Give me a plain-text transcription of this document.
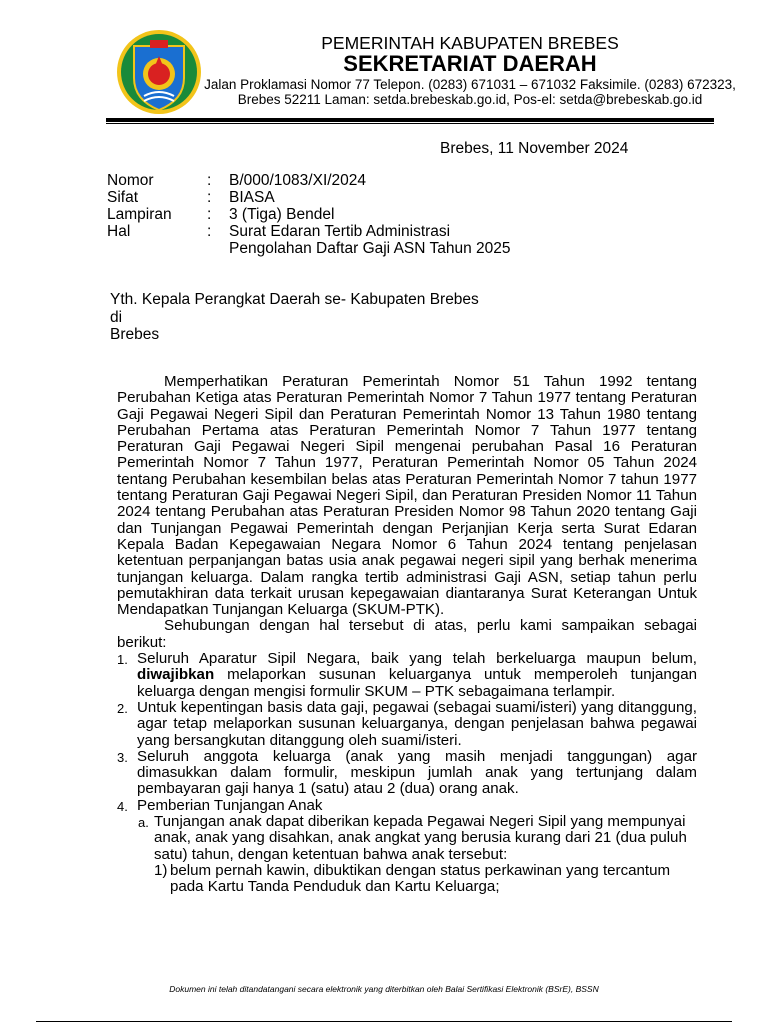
PEMERINTAH KABUPATEN BREBES
SEKRETARIAT DAERAH
Jalan Proklamasi Nomor 77 Telepon. (0283) 671031 – 671032 Faksimile. (0283) 672323,
Brebes 52211 Laman: setda.brebeskab.go.id, Pos-el: setda@brebeskab.go.id
Brebes, 11 November 2024
Nomor	: B/000/1083/XI/2024
Sifat	: BIASA
Lampiran : 3 (Tiga) Bendel
Hal	: Surat Edaran Tertib Administrasi
Pengolahan Daftar Gaji ASN Tahun 2025
Yth. Kepala Perangkat Daerah se- Kabupaten Brebes
di
Brebes

Memperhatikan Peraturan Pemerintah Nomor 51 Tahun 1992 tentang Perubahan Ketiga atas Peraturan Pemerintah Nomor 7 Tahun 1977 tentang Peraturan Gaji Pegawai Negeri Sipil dan Peraturan Pemerintah Nomor 13 Tahun 1980 tentang Perubahan Pertama atas Peraturan Pemerintah Nomor 7 Tahun 1977 tentang Peraturan Gaji Pegawai Negeri Sipil mengenai perubahan Pasal 16 Peraturan Pemerintah Nomor 7 Tahun 1977, Peraturan Pemerintah Nomor 05 Tahun 2024 tentang Perubahan kesembilan belas atas Peraturan Pemerintah Nomor 7 tahun 1977 tentang Peraturan Gaji Pegawai Negeri Sipil, dan Peraturan Presiden Nomor 11 Tahun 2024 tentang Perubahan atas Peraturan Presiden Nomor 98 Tahun 2020 tentang Gaji dan Tunjangan Pegawai Pemerintah dengan Perjanjian Kerja serta Surat Edaran Kepala Badan Kepegawaian Negara Nomor 6 Tahun 2024 tentang penjelasan ketentuan perpanjangan batas usia anak pegawai negeri sipil yang berhak menerima tunjangan keluarga. Dalam rangka tertib administrasi Gaji ASN, setiap tahun perlu pemutakhiran data terkait urusan kepegawaian diantaranya Surat Keterangan Untuk Mendapatkan Tunjangan Keluarga (SKUM-PTK).

Sehubungan dengan hal tersebut di atas, perlu kami sampaikan sebagai berikut:

1. Seluruh Aparatur Sipil Negara, baik yang telah berkeluarga maupun belum, diwajibkan melaporkan susunan keluarganya untuk memperoleh tunjangan keluarga dengan mengisi formulir SKUM – PTK sebagaimana terlampir.
2. Untuk kepentingan basis data gaji, pegawai (sebagai suami/isteri) yang ditanggung, agar tetap melaporkan susunan keluarganya, dengan penjelasan bahwa pegawai yang bersangkutan ditanggung oleh suami/isteri.
3. Seluruh anggota keluarga (anak yang masih menjadi tanggungan) agar dimasukkan dalam formulir, meskipun jumlah anak yang tertunjang dalam pembayaran gaji hanya 1 (satu) atau 2 (dua) orang anak.
4. Pemberian Tunjangan Anak
a. Tunjangan anak dapat diberikan kepada Pegawai Negeri Sipil yang mempunyai anak, anak yang disahkan, anak angkat yang berusia kurang dari 21 (dua puluh satu) tahun, dengan ketentuan bahwa anak tersebut:
1) belum pernah kawin, dibuktikan dengan status perkawinan yang tercantum pada Kartu Tanda Penduduk dan Kartu Keluarga;
Dokumen ini telah ditandatangani secara elektronik yang diterbitkan oleh Balai Sertifikasi Elektronik (BSrE), BSSN
